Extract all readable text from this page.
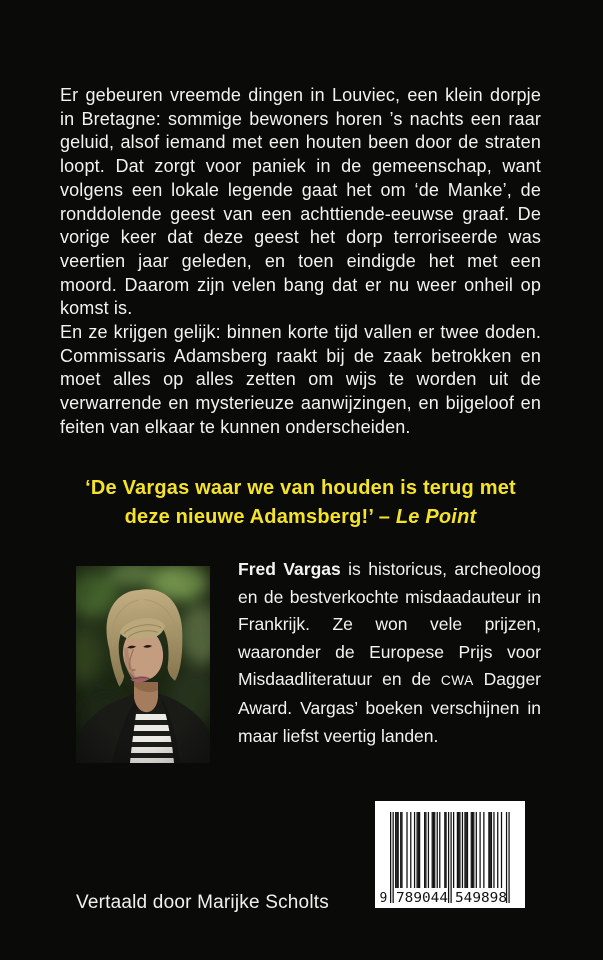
Er gebeuren vreemde dingen in Louviec, een klein dorpje in Bretagne: sommige bewoners horen ’s nachts een raar geluid, alsof iemand met een houten been door de straten loopt. Dat zorgt voor paniek in de gemeenschap, want volgens een lokale legende gaat het om ‘de Manke’, de ronddolende geest van een achttiende-eeuwse graaf. De vorige keer dat deze geest het dorp terroriseerde was veertien jaar geleden, en toen eindigde het met een moord. Daarom zijn velen bang dat er nu weer onheil op komst is.

En ze krijgen gelijk: binnen korte tijd vallen er twee doden. Commissaris Adamsberg raakt bij de zaak betrokken en moet alles op alles zetten om wijs te worden uit de verwarrende en mysterieuze aanwijzingen, en bijgeloof en feiten van elkaar te kunnen onderscheiden.

‘De Vargas waar we van houden is terug met deze nieuwe Adamsberg!’ – Le Point

Fred Vargas is historicus, archeoloog en de bestverkochte misdaadauteur in Frankrijk. Ze won vele prijzen, waaronder de Europese Prijs voor Misdaadliteratuur en de CWA Dagger Award. Vargas’ boeken verschijnen in maar liefst veertig landen.

9 789044 549898

Vertaald door Marijke Scholts
